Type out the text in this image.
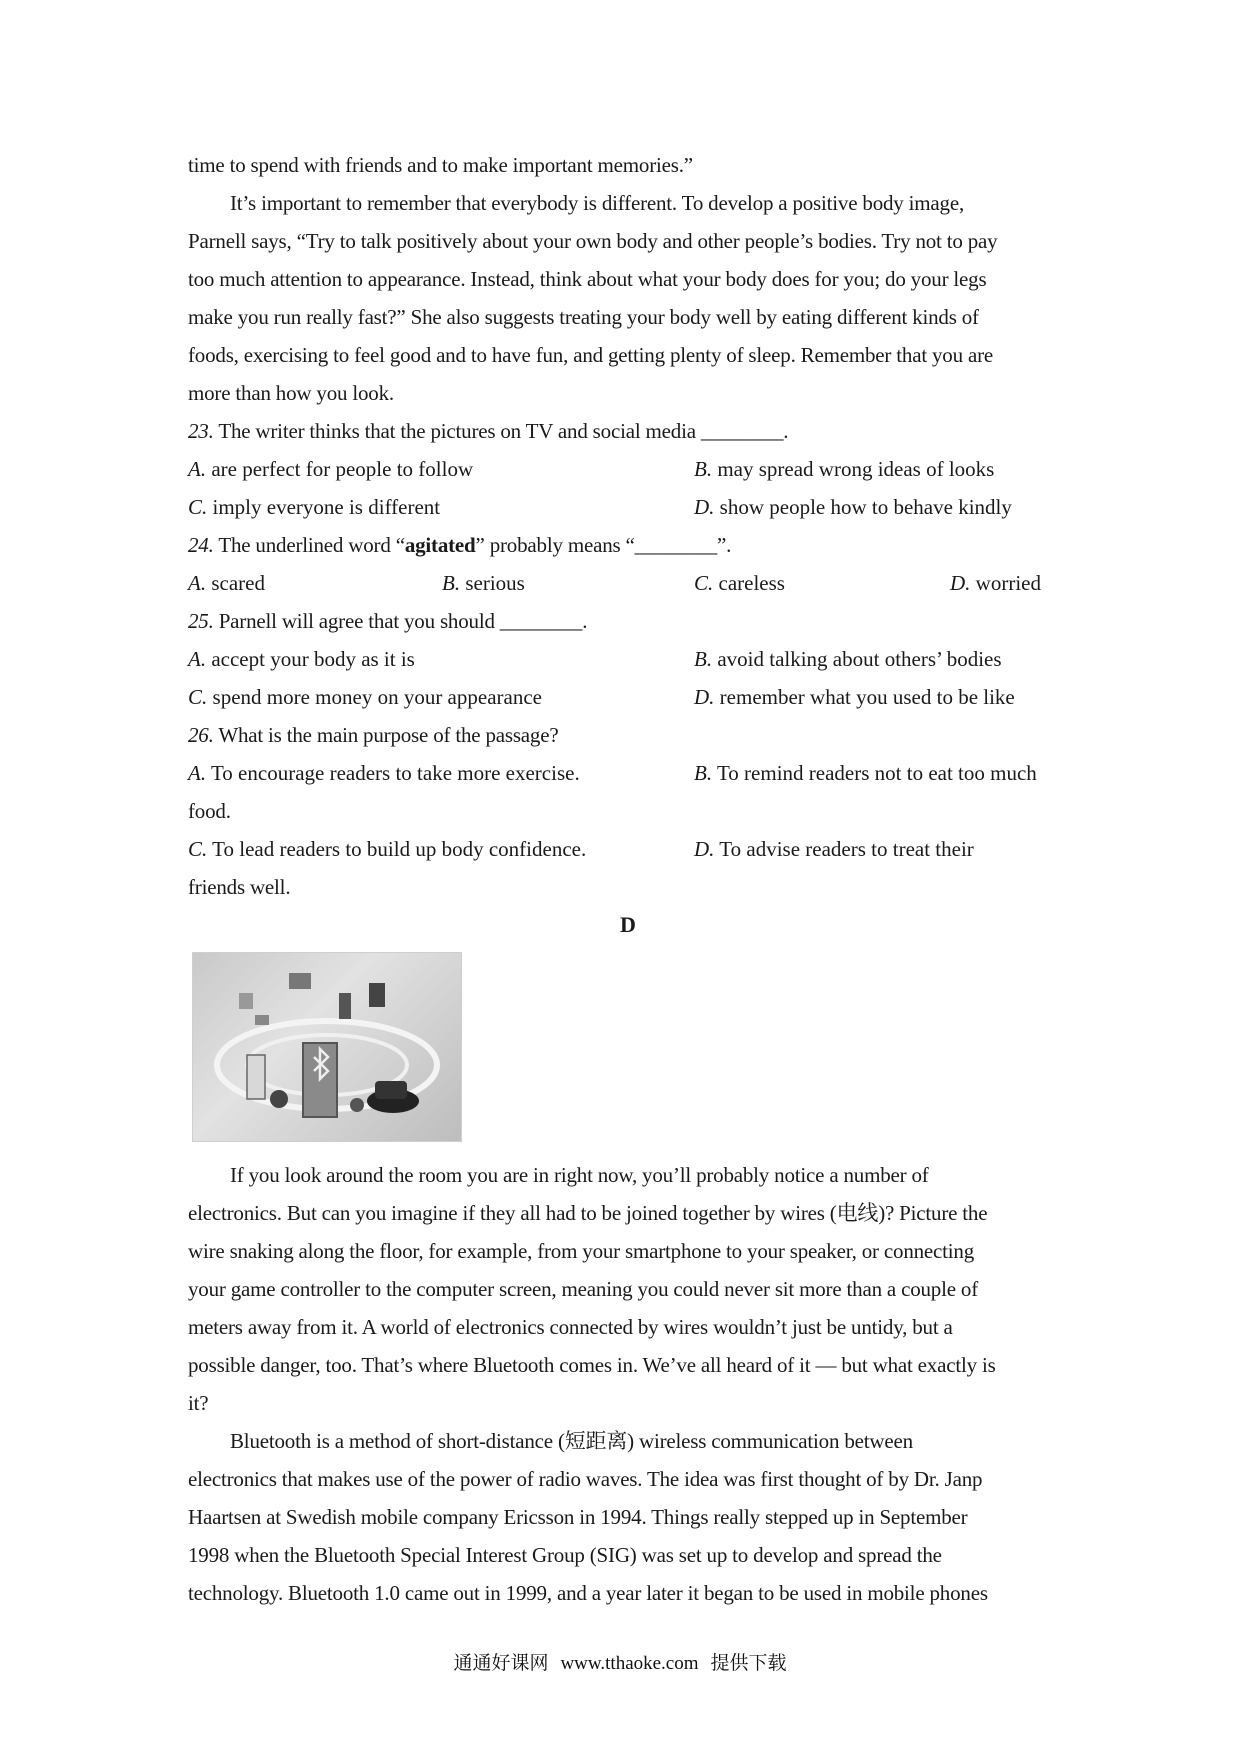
time to spend with friends and to make important memories.”
It’s important to remember that everybody is different. To develop a positive body image,
Parnell says, “Try to talk positively about your own body and other people’s bodies. Try not to pay
too much attention to appearance. Instead, think about what your body does for you; do your legs
make you run really fast?” She also suggests treating your body well by eating different kinds of
foods, exercising to feel good and to have fun, and getting plenty of sleep. Remember that you are
more than how you look.
23. The writer thinks that the pictures on TV and social media ________.
A. are perfect for people to follow	B. may spread wrong ideas of looks
C. imply everyone is different	D. show people how to behave kindly
24. The underlined word “agitated” probably means “________”.
A. scared	B. serious	C. careless	D. worried
25. Parnell will agree that you should ________.
A. accept your body as it is	B. avoid talking about others’ bodies
C. spend more money on your appearance	D. remember what you used to be like
26. What is the main purpose of the passage?
A. To encourage readers to take more exercise.	B. To remind readers not to eat too much
food.
C. To lead readers to build up body confidence.	D. To advise readers to treat their
friends well.
D
If you look around the room you are in right now, you’ll probably notice a number of
electronics. But can you imagine if they all had to be joined together by wires (电线)? Picture the
wire snaking along the floor, for example, from your smartphone to your speaker, or connecting
your game controller to the computer screen, meaning you could never sit more than a couple of
meters away from it. A world of electronics connected by wires wouldn’t just be untidy, but a
possible danger, too. That’s where Bluetooth comes in. We’ve all heard of it — but what exactly is
it?
Bluetooth is a method of short-distance (短距离) wireless communication between
electronics that makes use of the power of radio waves. The idea was first thought of by Dr. Janp
Haartsen at Swedish mobile company Ericsson in 1994. Things really stepped up in September
1998 when the Bluetooth Special Interest Group (SIG) was set up to develop and spread the
technology. Bluetooth 1.0 came out in 1999, and a year later it began to be used in mobile phones
通通好课网 www.tthaoke.com 提供下载
